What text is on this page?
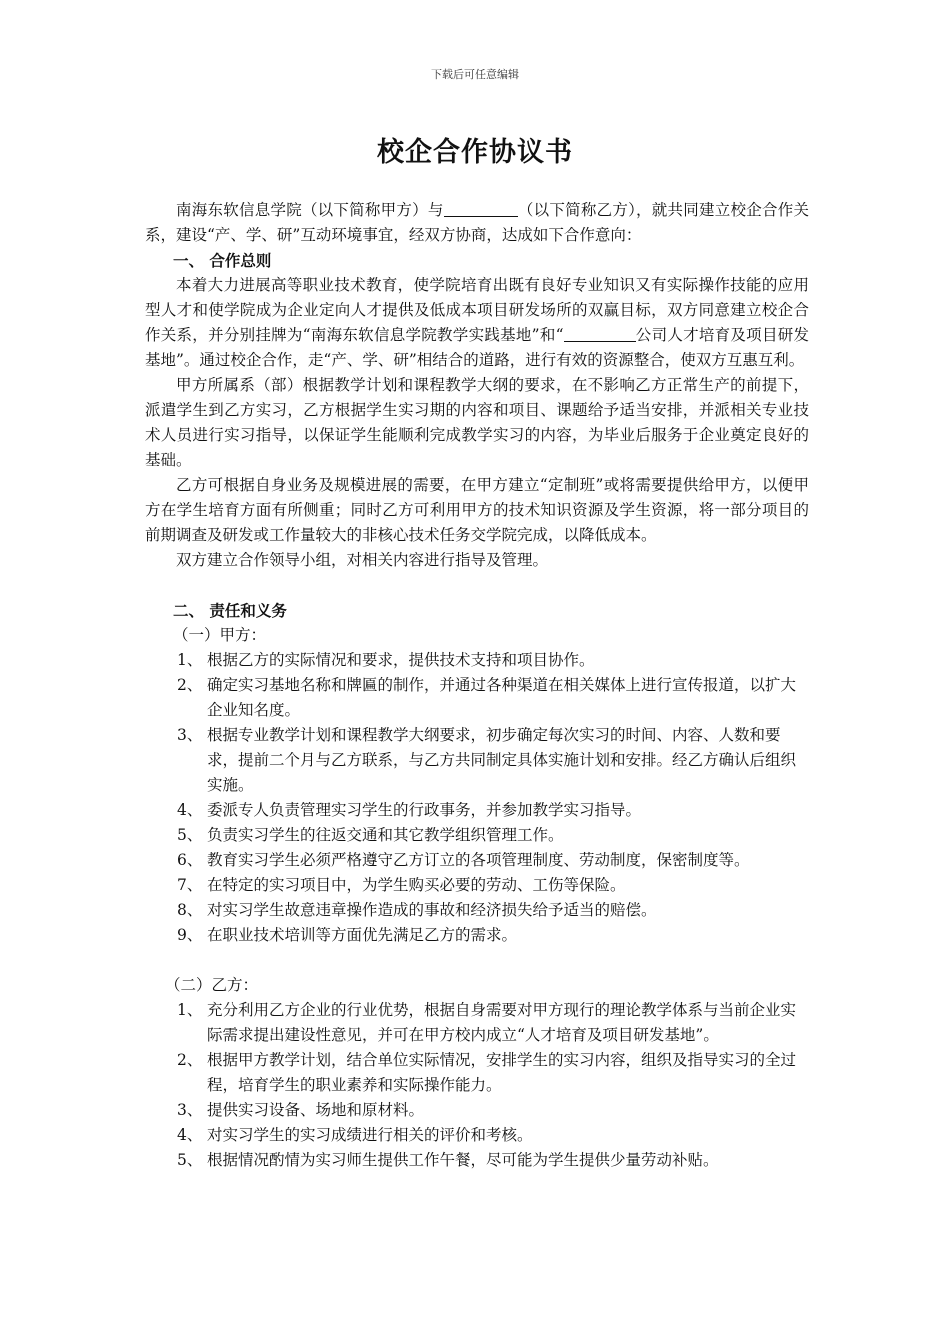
下载后可任意编辑
校企合作协议书

南海东软信息学院（以下简称甲方）与	（以下简称乙方），就共同建立校企合作关系，建设“产、学、研”互动环境事宜，经双方协商，达成如下合作意向：

一、 合作总则

本着大力进展高等职业技术教育，使学院培育出既有良好专业知识又有实际操作技能的应用型人才和使学院成为企业定向人才提供及低成本项目研发场所的双赢目标，双方同意建立校企合作关系，并分别挂牌为“南海东软信息学院教学实践基地”和“	公司人才培育及项目研发基地”。通过校企合作，走“产、学、研”相结合的道路，进行有效的资源整合，使双方互惠互利。

甲方所属系（部）根据教学计划和课程教学大纲的要求，在不影响乙方正常生产的前提下，派遣学生到乙方实习，乙方根据学生实习期的内容和项目、课题给予适当安排，并派相关专业技术人员进行实习指导，以保证学生能顺利完成教学实习的内容，为毕业后服务于企业奠定良好的基础。

乙方可根据自身业务及规模进展的需要，在甲方建立“定制班”或将需要提供给甲方，以便甲方在学生培育方面有所侧重；同时乙方可利用甲方的技术知识资源及学生资源，将一部分项目的前期调查及研发或工作量较大的非核心技术任务交学院完成，以降低成本。

双方建立合作领导小组，对相关内容进行指导及管理。

二、 责任和义务

（一）甲方：

1、 根据乙方的实际情况和要求，提供技术支持和项目协作。
2、 确定实习基地名称和牌匾的制作，并通过各种渠道在相关媒体上进行宣传报道，以扩大企业知名度。
3、 根据专业教学计划和课程教学大纲要求，初步确定每次实习的时间、内容、人数和要求，提前二个月与乙方联系，与乙方共同制定具体实施计划和安排。经乙方确认后组织实施。
4、 委派专人负责管理实习学生的行政事务，并参加教学实习指导。
5、 负责实习学生的往返交通和其它教学组织管理工作。
6、 教育实习学生必须严格遵守乙方订立的各项管理制度、劳动制度，保密制度等。
7、 在特定的实习项目中，为学生购买必要的劳动、工伤等保险。
8、 对实习学生故意违章操作造成的事故和经济损失给予适当的赔偿。
9、 在职业技术培训等方面优先满足乙方的需求。

（二）乙方：

1、 充分利用乙方企业的行业优势，根据自身需要对甲方现行的理论教学体系与当前企业实际需求提出建设性意见，并可在甲方校内成立“人才培育及项目研发基地”。
2、 根据甲方教学计划，结合单位实际情况，安排学生的实习内容，组织及指导实习的全过程，培育学生的职业素养和实际操作能力。
3、 提供实习设备、场地和原材料。
4、 对实习学生的实习成绩进行相关的评价和考核。
5、 根据情况酌情为实习师生提供工作午餐，尽可能为学生提供少量劳动补贴。
